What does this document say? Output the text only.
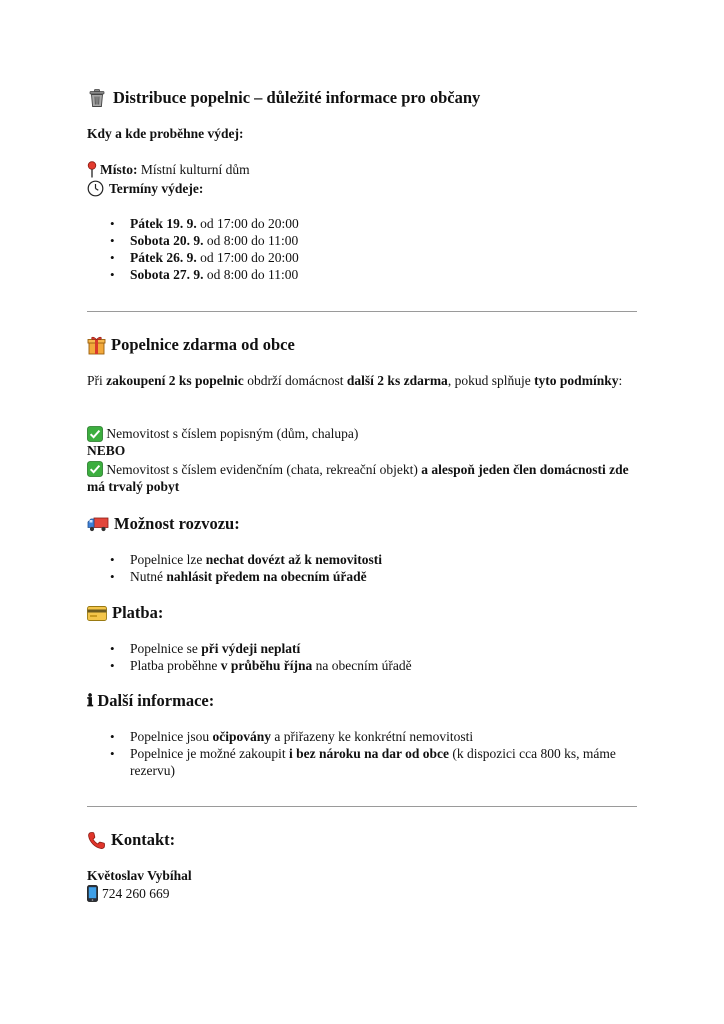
Distribuce popelnic – důležité informace pro občany

Kdy a kde proběhne výdej:

Místo: Místní kulturní dům
Termíny výdeje:
• Pátek 19. 9. od 17:00 do 20:00
• Sobota 20. 9. od 8:00 do 11:00
• Pátek 26. 9. od 17:00 do 20:00
• Sobota 27. 9. od 8:00 do 11:00
Popelnice zdarma od obce

Při zakoupení 2 ks popelnic obdrží domácnost další 2 ks zdarma, pokud splňuje tyto podmínky:

Nemovitost s číslem popisným (dům, chalupa)

NEBO

Nemovitost s číslem evidenčním (chata, rekreační objekt) a alespoň jeden člen domácnosti zde má trvalý pobyt
Možnost rozvozu:
• Popelnice lze nechat dovézt až k nemovitosti
• Nutné nahlásit předem na obecním úřadě
Platba:
• Popelnice se při výdeji neplatí
• Platba proběhne v průběhu října na obecním úřadě
ℹ Další informace:
• Popelnice jsou očipovány a přiřazeny ke konkrétní nemovitosti
• Popelnice je možné zakoupit i bez nároku na dar od obce (k dispozici cca 800 ks, máme rezervu)
Kontakt:

Květoslav Vybíhal

724 260 669
